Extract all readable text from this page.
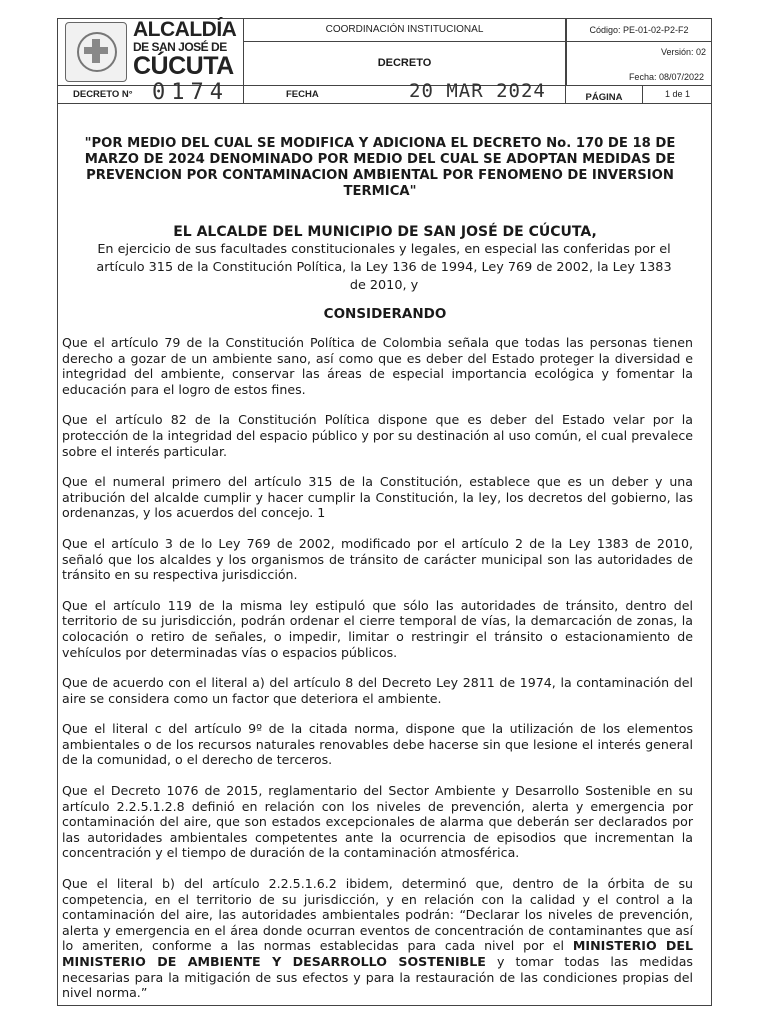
ALCALDÍA
DE SAN JOSÉ DE
CÚCUTA
COORDINACIÓN INSTITUCIONAL
DECRETO
Código: PE-01-02-P2-F2
Versión: 02
Fecha: 08/07/2022
DECRETO N° 0174	FECHA	20 MAR 2024	PÁGINA	1 de 1
"POR MEDIO DEL CUAL SE MODIFICA Y ADICIONA EL DECRETO No. 170 DE 18 DE MARZO DE 2024 DENOMINADO POR MEDIO DEL CUAL SE ADOPTAN MEDIDAS DE PREVENCION POR CONTAMINACION AMBIENTAL POR FENOMENO DE INVERSION TERMICA"
EL ALCALDE DEL MUNICIPIO DE SAN JOSÉ DE CÚCUTA,
En ejercicio de sus facultades constitucionales y legales, en especial las conferidas por el artículo 315 de la Constitución Política, la Ley 136 de 1994, Ley 769 de 2002, la Ley 1383 de 2010, y
CONSIDERANDO

Que el artículo 79 de la Constitución Política de Colombia señala que todas las personas tienen derecho a gozar de un ambiente sano, así como que es deber del Estado proteger la diversidad e integridad del ambiente, conservar las áreas de especial importancia ecológica y fomentar la educación para el logro de estos fines.

Que el artículo 82 de la Constitución Política dispone que es deber del Estado velar por la protección de la integridad del espacio público y por su destinación al uso común, el cual prevalece sobre el interés particular.

Que el numeral primero del artículo 315 de la Constitución, establece que es un deber y una atribución del alcalde cumplir y hacer cumplir la Constitución, la ley, los decretos del gobierno, las ordenanzas, y los acuerdos del concejo. 1

Que el artículo 3 de lo Ley 769 de 2002, modificado por el artículo 2 de la Ley 1383 de 2010, señaló que los alcaldes y los organismos de tránsito de carácter municipal son las autoridades de tránsito en su respectiva jurisdicción.

Que el artículo 119 de la misma ley estipuló que sólo las autoridades de tránsito, dentro del territorio de su jurisdicción, podrán ordenar el cierre temporal de vías, la demarcación de zonas, la colocación o retiro de señales, o impedir, limitar o restringir el tránsito o estacionamiento de vehículos por determinadas vías o espacios públicos.

Que de acuerdo con el literal a) del artículo 8 del Decreto Ley 2811 de 1974, la contaminación del aire se considera como un factor que deteriora el ambiente.

Que el literal c del artículo 9º de la citada norma, dispone que la utilización de los elementos ambientales o de los recursos naturales renovables debe hacerse sin que lesione el interés general de la comunidad, o el derecho de terceros.

Que el Decreto 1076 de 2015, reglamentario del Sector Ambiente y Desarrollo Sostenible en su artículo 2.2.5.1.2.8 definió en relación con los niveles de prevención, alerta y emergencia por contaminación del aire, que son estados excepcionales de alarma que deberán ser declarados por las autoridades ambientales competentes ante la ocurrencia de episodios que incrementan la concentración y el tiempo de duración de la contaminación atmosférica.

Que el literal b) del artículo 2.2.5.1.6.2 ibidem, determinó que, dentro de la órbita de su competencia, en el territorio de su jurisdicción, y en relación con la calidad y el control a la contaminación del aire, las autoridades ambientales podrán: “Declarar los niveles de prevención, alerta y emergencia en el área donde ocurran eventos de concentración de contaminantes que así lo ameriten, conforme a las normas establecidas para cada nivel por el MINISTERIO DEL MINISTERIO DE AMBIENTE Y DESARROLLO SOSTENIBLE y tomar todas las medidas necesarias para la mitigación de sus efectos y para la restauración de las condiciones propias del nivel norma.”
